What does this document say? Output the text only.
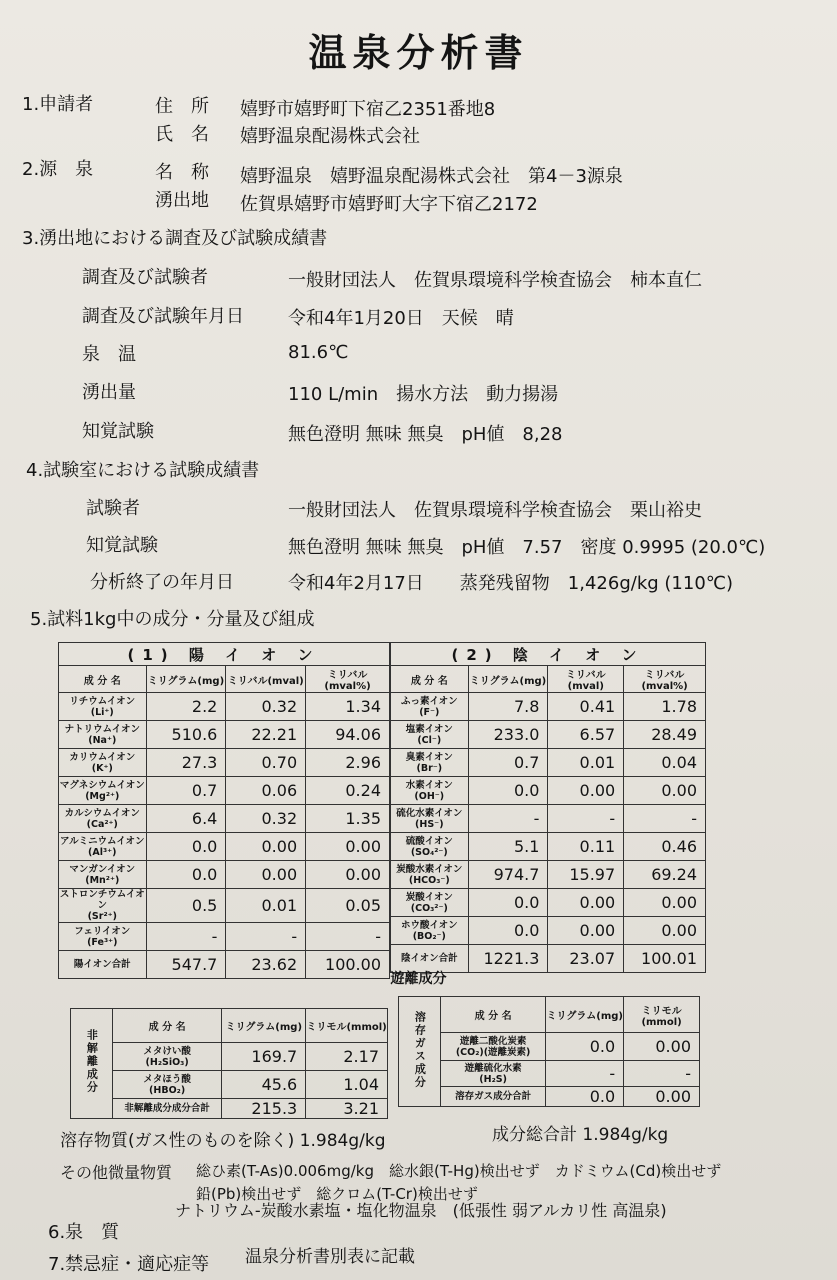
温泉分析書
1.申請者	住　所 嬉野市嬉野町下宿乙2351番地8
氏　名 嬉野温泉配湯株式会社
2.源　泉	名　称 嬉野温泉　嬉野温泉配湯株式会社　第4－3源泉
湧出地 佐賀県嬉野市嬉野町大字下宿乙2172
3.湧出地における調査及び試験成績書
調査及び試験者	一般財団法人　佐賀県環境科学検査協会　柿本直仁
調査及び試験年月日 令和4年1月20日　天候　晴
泉　温	81.6℃
湧出量	110 L/min　揚水方法　動力揚湯
知覚試験	無色澄明 無味 無臭　pH値　8,28
4.試験室における試験成績書
試験者	一般財団法人　佐賀県環境科学検査協会　栗山裕史
知覚試験	無色澄明 無味 無臭　pH値　7.57　密度 0.9995 (20.0℃)
分析終了の年月日	令和4年2月17日　　蒸発残留物　1,426g/kg (110℃)
5.試料1kg中の成分・分量及び組成
(1) 陽 イ オ ン			
成 分 名	ミリグラム(mg)	ミリバル(mval)	ミリバル(mval%)
リチウムイオン
(Li⁺)	2.2	0.32	1.34
ナトリウムイオン
(Na⁺)	510.6	22.21	94.06
カリウムイオン
(K⁺)	27.3	0.70	2.96
マグネシウムイオン
(Mg²⁺)	0.7	0.06	0.24
カルシウムイオン
(Ca²⁺)	6.4	0.32	1.35
アルミニウムイオン
(Al³⁺)	0.0	0.00	0.00
マンガンイオン
(Mn²⁺)	0.0	0.00	0.00
ストロンチウムイオン
(Sr²⁺)	0.5	0.01	0.05
フェリイオン
(Fe³⁺)	-	-	-
陽イオン合計	547.7	23.62	100.00
(2) 陰 イ オ ン			
成 分 名	ミリグラム(mg)	ミリバル(mval)	ミリバル(mval%)
ふっ素イオン
(F⁻)	7.8	0.41	1.78
塩素イオン
(Cl⁻)	233.0	6.57	28.49
臭素イオン
(Br⁻)	0.7	0.01	0.04
水素イオン
(OH⁻)	0.0	0.00	0.00
硫化水素イオン
(HS⁻)	-	-	-
硫酸イオン
(SO₄²⁻)	5.1	0.11	0.46
炭酸水素イオン
(HCO₃⁻)	974.7	15.97	69.24
炭酸イオン
(CO₃²⁻)	0.0	0.00	0.00
ホウ酸イオン
(BO₂⁻)	0.0	0.00	0.00
陰イオン合計	1221.3	23.07	100.01
遊離成分
非解離成分	成 分 名	ミリグラム(mg)	ミリモル(mmol)
	メタけい酸
(H₂SiO₃)	169.7	2.17
	メタほう酸
(HBO₂)	45.6	1.04
	非解離成分成分合計	215.3	3.21
溶存ガス成分	成 分 名	ミリグラム(mg)	ミリモル(mmol)
	遊離二酸化炭素
(CO₂)(遊離炭素)	0.0	0.00
	遊離硫化水素
(H₂S)	-	-
	溶存ガス成分合計	0.0	0.00
溶存物質(ガス性のものを除く) 1.984g/kg	成分総合計 1.984g/kg
その他微量物質 総ひ素(T-As)0.006mg/kg　総水銀(T-Hg)検出せず　カドミウム(Cd)検出せず
鉛(Pb)検出せず　総クロム(T-Cr)検出せず
6.泉　質
ナトリウム-炭酸水素塩・塩化物温泉　(低張性 弱アルカリ性 高温泉)
7.禁忌症・適応症等 温泉分析書別表に記載
